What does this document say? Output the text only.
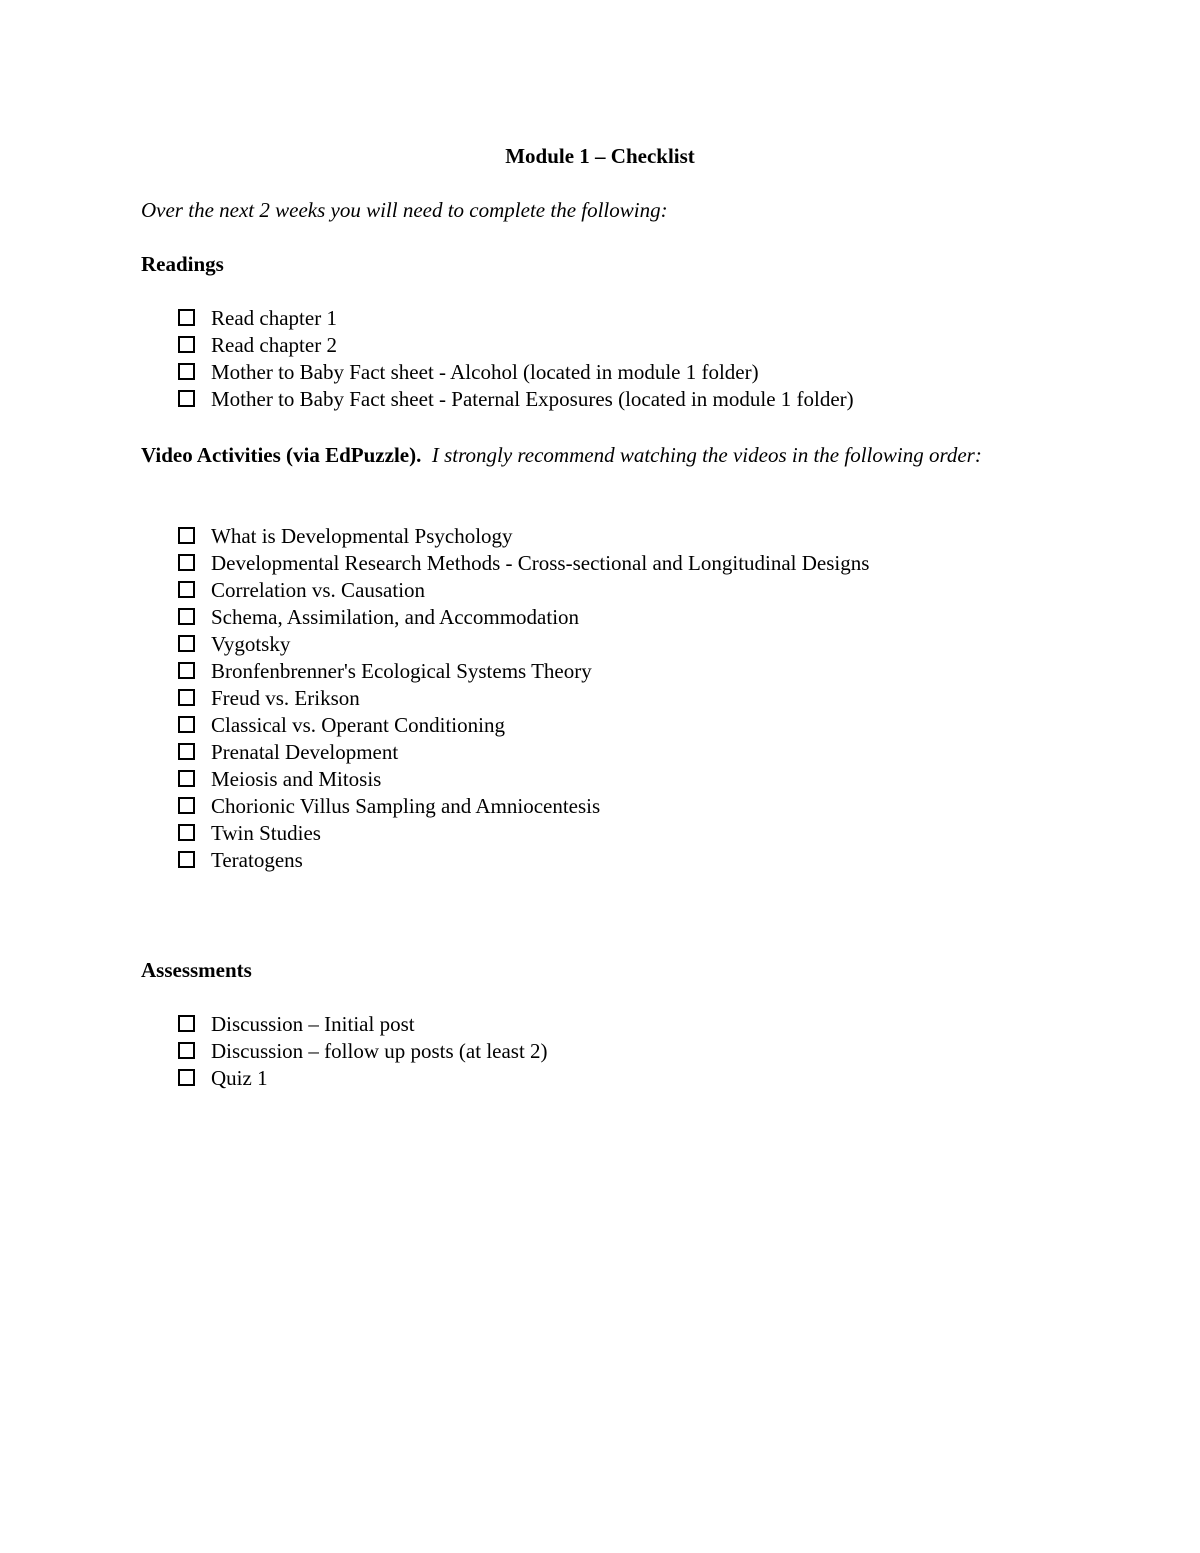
Module 1 – Checklist
Over the next 2 weeks you will need to complete the following:
Readings
Read chapter 1
Read chapter 2
Mother to Baby Fact sheet - Alcohol (located in module 1 folder)
Mother to Baby Fact sheet - Paternal Exposures (located in module 1 folder)
Video Activities (via EdPuzzle). I strongly recommend watching the videos in the following order:
What is Developmental Psychology
Developmental Research Methods - Cross-sectional and Longitudinal Designs
Correlation vs. Causation
Schema, Assimilation, and Accommodation
Vygotsky
Bronfenbrenner's Ecological Systems Theory
Freud vs. Erikson
Classical vs. Operant Conditioning
Prenatal Development
Meiosis and Mitosis
Chorionic Villus Sampling and Amniocentesis
Twin Studies
Teratogens
Assessments
Discussion – Initial post
Discussion – follow up posts (at least 2)
Quiz 1
